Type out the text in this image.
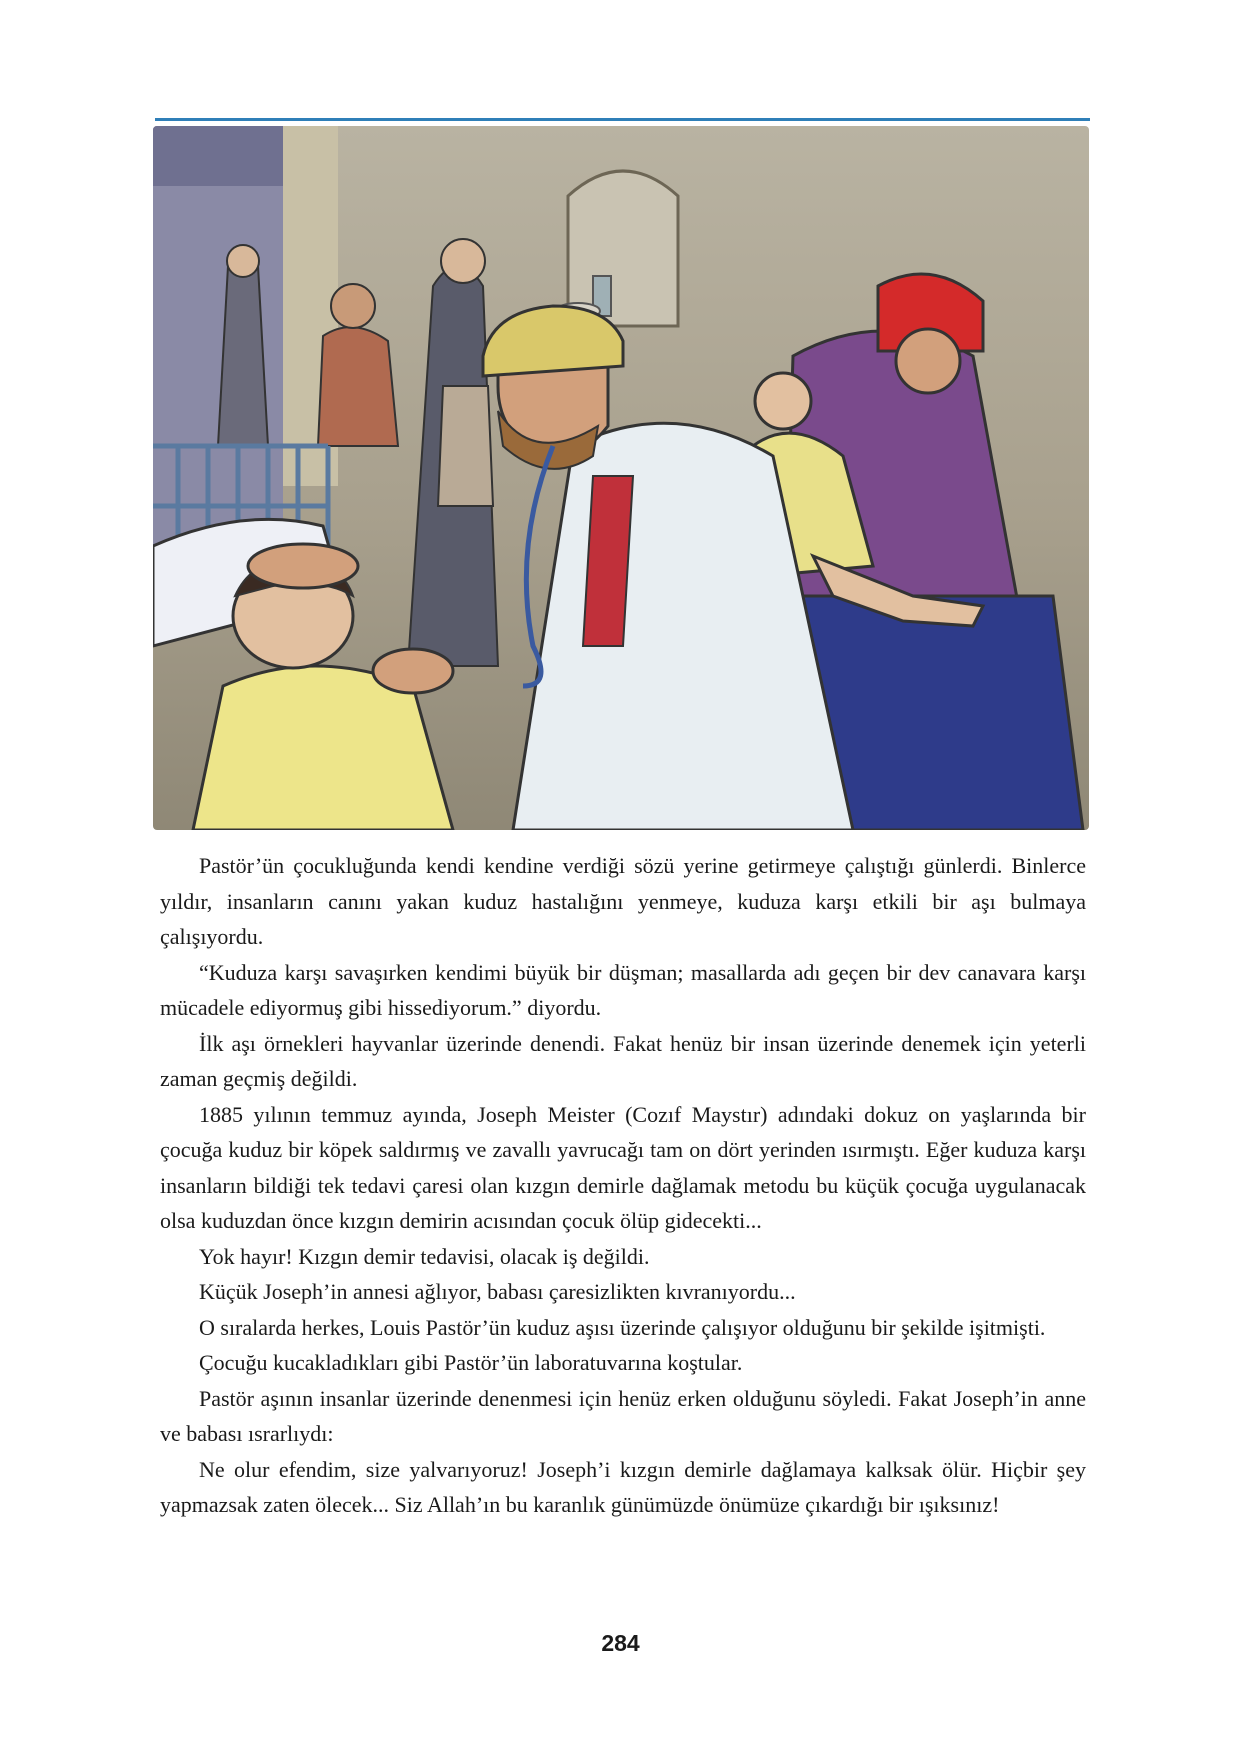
Pastör’ün çocukluğunda kendi kendine verdiği sözü yerine getirmeye çalıştığı günlerdi. Binlerce yıldır, insanların canını yakan kuduz hastalığını yenmeye, kuduza karşı etkili bir aşı bulmaya çalışıyordu.

“Kuduza karşı savaşırken kendimi büyük bir düşman; masallarda adı geçen bir dev canavara karşı mücadele ediyormuş gibi hissediyorum.” diyordu.

İlk aşı örnekleri hayvanlar üzerinde denendi. Fakat henüz bir insan üzerinde denemek için yeterli zaman geçmiş değildi.

1885 yılının temmuz ayında, Joseph Meister (Cozıf Maystır) adındaki dokuz on yaşlarında bir çocuğa kuduz bir köpek saldırmış ve zavallı yavrucağı tam on dört yerinden ısırmıştı. Eğer kuduza karşı insanların bildiği tek tedavi çaresi olan kızgın demirle dağlamak metodu bu küçük çocuğa uygulanacak olsa kuduzdan önce kızgın demirin acısından çocuk ölüp gidecekti...

Yok hayır! Kızgın demir tedavisi, olacak iş değildi.

Küçük Joseph’in annesi ağlıyor, babası çaresizlikten kıvranıyordu...

O sıralarda herkes, Louis Pastör’ün kuduz aşısı üzerinde çalışıyor olduğunu bir şekilde işitmişti.

Çocuğu kucakladıkları gibi Pastör’ün laboratuvarına koştular.

Pastör aşının insanlar üzerinde denenmesi için henüz erken olduğunu söyledi. Fakat Joseph’in anne ve babası ısrarlıydı:

Ne olur efendim, size yalvarıyoruz! Joseph’i kızgın demirle dağlamaya kalksak ölür. Hiçbir şey yapmazsak zaten ölecek... Siz Allah’ın bu karanlık günümüzde önümüze çıkardığı bir ışıksınız!

284
